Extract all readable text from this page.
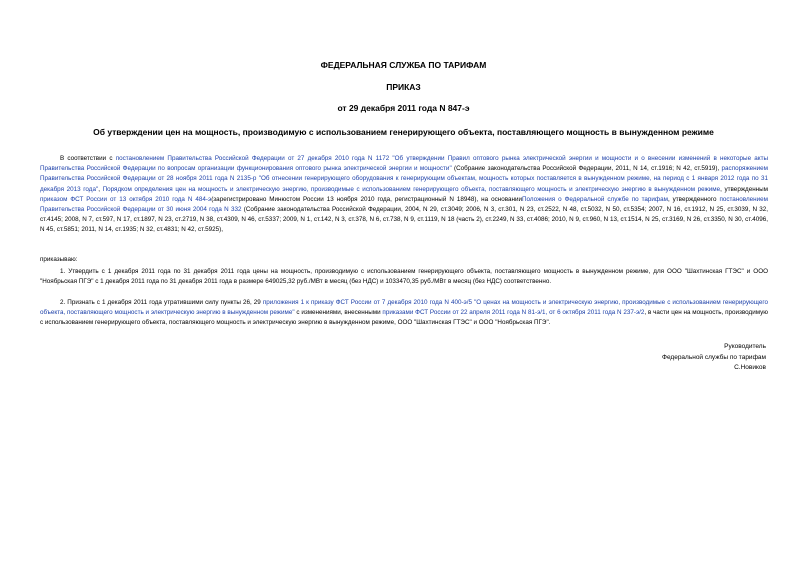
ФЕДЕРАЛЬНАЯ СЛУЖБА ПО ТАРИФАМ
ПРИКАЗ
от 29 декабря 2011 года N 847-э
Об утверждении цен на мощность, производимую с использованием генерирующего объекта, поставляющего мощность в вынужденном режиме
В соответствии с постановлением Правительства Российской Федерации от 27 декабря 2010 года N 1172 "Об утверждении Правил оптового рынка электрической энергии и мощности и о внесении изменений в некоторые акты Правительства Российской Федерации по вопросам организации функционирования оптового рынка электрической энергии и мощности" (Собрание законодательства Российской Федерации, 2011, N 14, ст.1916; N 42, ст.5919), распоряжением Правительства Российской Федерации от 28 ноября 2011 года N 2135-р "Об отнесении генерирующего оборудования к генерирующим объектам, мощность которых поставляется в вынужденном режиме, на период с 1 января 2012 года по 31 декабря 2013 года", Порядком определения цен на мощность и электрическую энергию, производимые с использованием генерирующего объекта, поставляющего мощность и электрическую энергию в вынужденном режиме, утвержденным приказом ФСТ России от 13 октября 2010 года N 484-э(зарегистрировано Минюстом России 13 ноября 2010 года, регистрационный N 18948), на основанииПоложения о Федеральной службе по тарифам, утвержденного постановлением Правительства Российской Федерации от 30 июня 2004 года N 332 (Собрание законодательства Российской Федерации, 2004, N 29, ст.3049; 2006, N 3, ст.301, N 23, ст.2522, N 48, ст.5032, N 50, ст.5354; 2007, N 16, ст.1912, N 25, ст.3039, N 32, ст.4145; 2008, N 7, ст.597, N 17, ст.1897, N 23, ст.2719, N 38, ст.4309, N 46, ст.5337; 2009, N 1, ст.142, N 3, ст.378, N 6, ст.738, N 9, ст.1119, N 18 (часть 2), ст.2249, N 33, ст.4086; 2010, N 9, ст.960, N 13, ст.1514, N 25, ст.3169, N 26, ст.3350, N 30, ст.4096, N 45, ст.5851; 2011, N 14, ст.1935; N 32, ст.4831; N 42, ст.5925),
приказываю:
1. Утвердить с 1 декабря 2011 года по 31 декабря 2011 года цены на мощность, производимую с использованием генерирующего объекта, поставляющего мощность в вынужденном режиме, для ООО "Шахтинская ГТЭС" и ООО "Ноябрьская ПГЭ" с 1 декабря 2011 года по 31 декабря 2011 года в размере 649025,32 руб./МВт в месяц (без НДС) и 1033470,35 руб./МВт в месяц (без НДС) соответственно.
2. Признать с 1 декабря 2011 года утратившими силу пункты 26, 29 приложения 1 к приказу ФСТ России от 7 декабря 2010 года N 400-э/5 "О ценах на мощность и электрическую энергию, производимые с использованием генерирующего объекта, поставляющего мощность и электрическую энергию в вынужденном режиме" с изменениями, внесенными приказами ФСТ России от 22 апреля 2011 года N 81-э/1, от 6 октября 2011 года N 237-э/2, в части цен на мощность, производимую с использованием генерирующего объекта, поставляющего мощность и электрическую энергию в вынужденном режиме, ООО "Шахтинская ГТЭС" и ООО "Ноябрьская ПГЭ".
Руководитель
Федеральной службы по тарифам
С.Новиков
